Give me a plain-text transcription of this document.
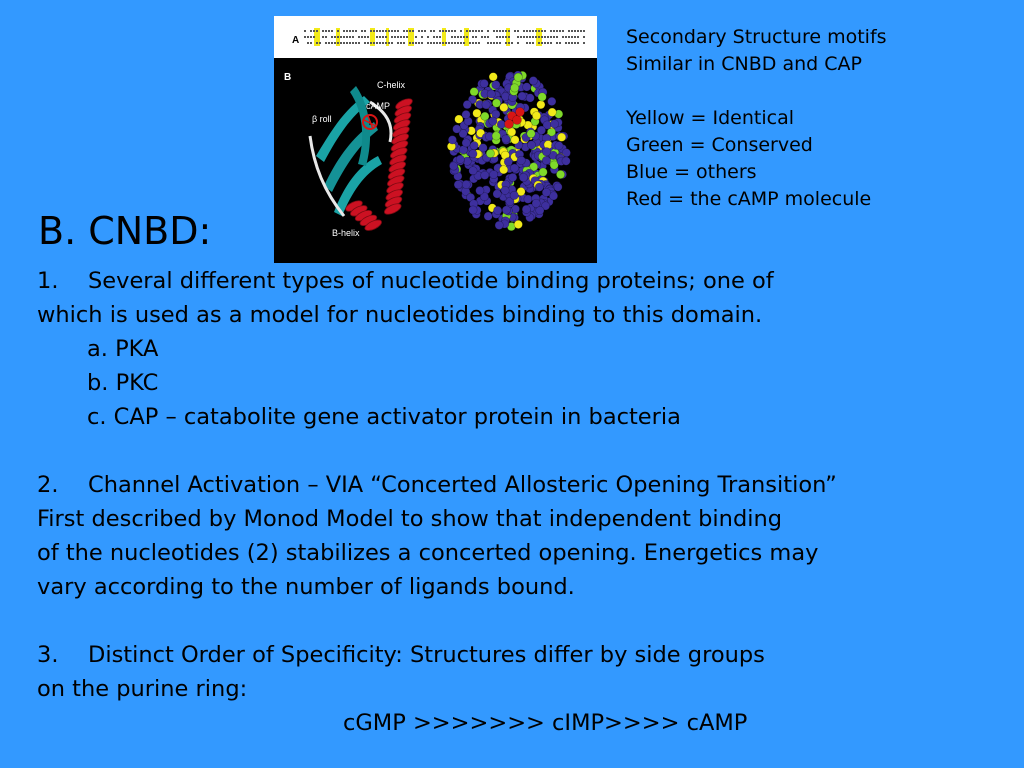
A
B
β roll
cAMP
C-helix
B-helix
Secondary Structure motifs
Similar in CNBD and CAP
Yellow = Identical
Green = Conserved
Blue = others
Red = the cAMP molecule
B. CNBD:
1. Several different types of nucleotide binding proteins; one of
which is used as a model for nucleotides binding to this domain.
a. PKA
b. PKC
c. CAP – catabolite gene activator protein in bacteria
2. Channel Activation – VIA “Concerted Allosteric Opening Transition”
First described by Monod Model to show that independent binding
of the nucleotides (2) stabilizes a concerted opening. Energetics may
vary according to the number of ligands bound.
3. Distinct Order of Specificity: Structures differ by side groups
on the purine ring:
cGMP >>>>>>> cIMP>>>> cAMP
